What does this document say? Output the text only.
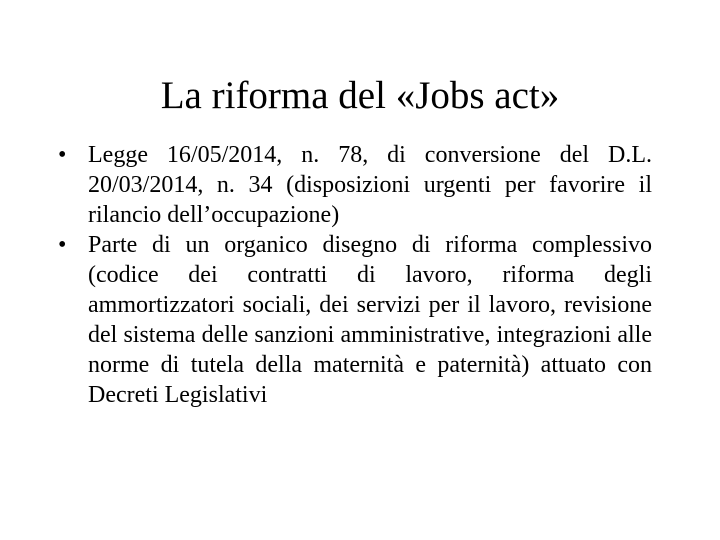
La riforma del «Jobs act»
• Legge 16/05/2014, n. 78, di conversione del D.L. 20/03/2014, n. 34 (disposizioni urgenti per favorire il rilancio dell’occupazione)
• Parte di un organico disegno di riforma complessivo (codice dei contratti di lavoro, riforma degli ammortizzatori sociali, dei servizi per il lavoro, revisione del sistema delle sanzioni amministrative, integrazioni alle norme di tutela della maternità e paternità) attuato con Decreti Legislativi
